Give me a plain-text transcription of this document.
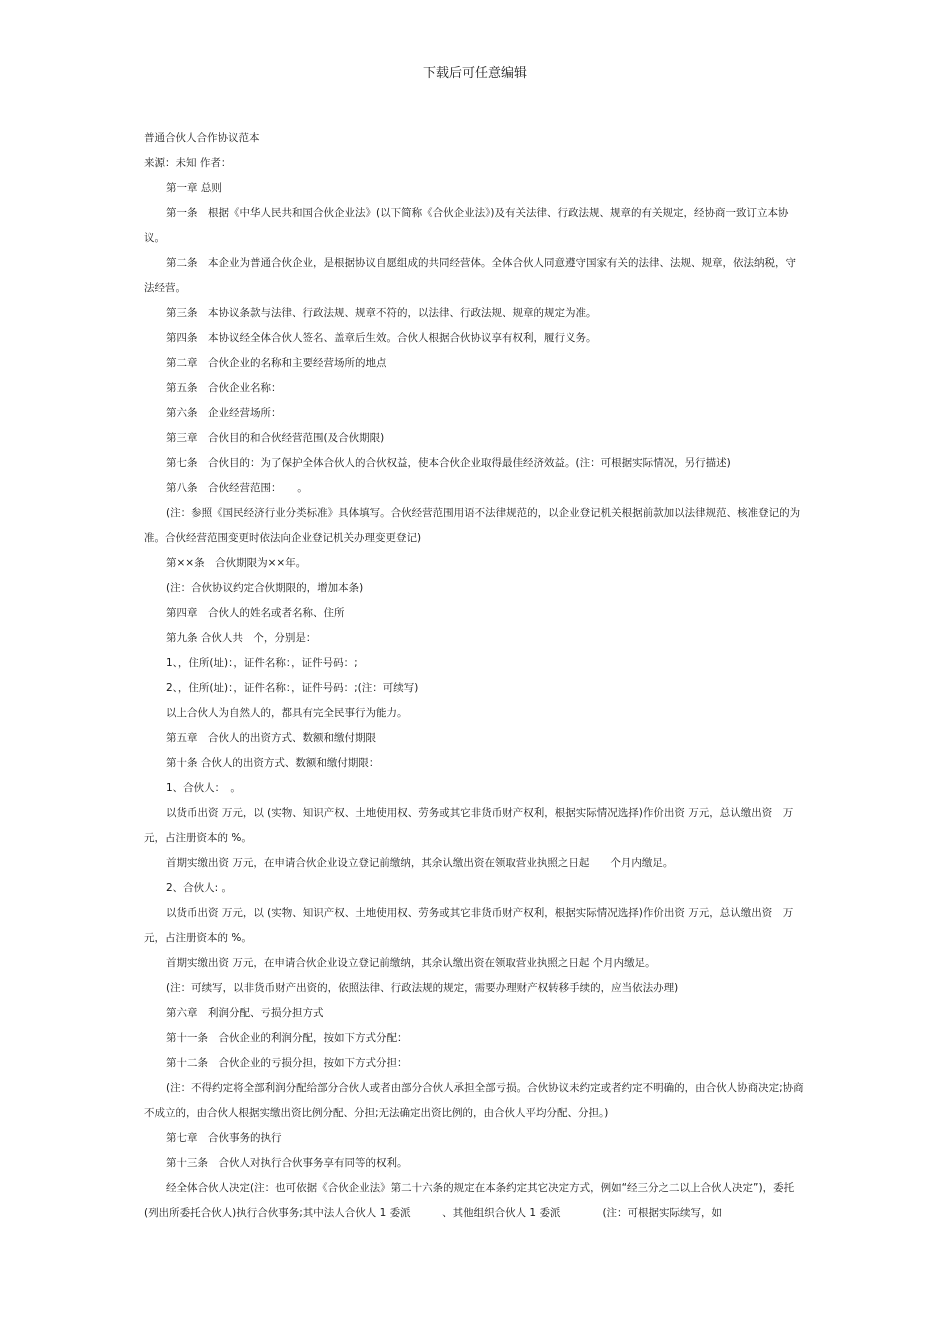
下载后可任意编辑

普通合伙人合作协议范本

来源：未知 作者：

第一章 总则

第一条　根据《中华人民共和国合伙企业法》(以下简称《合伙企业法》)及有关法律、行政法规、规章的有关规定，经协商一致订立本协议。

第二条　本企业为普通合伙企业，是根据协议自愿组成的共同经营体。全体合伙人同意遵守国家有关的法律、法规、规章，依法纳税，守法经营。

第三条　本协议条款与法律、行政法规、规章不符的，以法律、行政法规、规章的规定为准。

第四条　本协议经全体合伙人签名、盖章后生效。合伙人根据合伙协议享有权利，履行义务。

第二章　合伙企业的名称和主要经营场所的地点

第五条　合伙企业名称：

第六条　企业经营场所：

第三章　合伙目的和合伙经营范围(及合伙期限)

第七条　合伙目的：为了保护全体合伙人的合伙权益，使本合伙企业取得最佳经济效益。(注：可根据实际情况，另行描述)

第八条　合伙经营范围：　　。

(注：参照《国民经济行业分类标准》具体填写。合伙经营范围用语不法律规范的，以企业登记机关根据前款加以法律规范、核准登记的为准。合伙经营范围变更时依法向企业登记机关办理变更登记)

第××条　合伙期限为××年。

(注：合伙协议约定合伙期限的，增加本条)

第四章　合伙人的姓名或者名称、住所

第九条 合伙人共　个，分别是：

1、，住所(址)：，证件名称：，证件号码：;

2、，住所(址)：，证件名称：，证件号码：;(注：可续写)

以上合伙人为自然人的，都具有完全民事行为能力。

第五章　合伙人的出资方式、数额和缴付期限

第十条 合伙人的出资方式、数额和缴付期限：

1、合伙人：　。

以货币出资 万元，以 (实物、知识产权、土地使用权、劳务或其它非货币财产权利，根据实际情况选择)作价出资 万元，总认缴出资　万元，占注册资本的 %。

首期实缴出资 万元，在申请合伙企业设立登记前缴纳，其余认缴出资在领取营业执照之日起　　个月内缴足。

2、合伙人: 。

以货币出资 万元，以 (实物、知识产权、土地使用权、劳务或其它非货币财产权利，根据实际情况选择)作价出资 万元，总认缴出资　万元，占注册资本的 %。

首期实缴出资 万元，在申请合伙企业设立登记前缴纳，其余认缴出资在领取营业执照之日起 个月内缴足。

(注：可续写，以非货币财产出资的，依照法律、行政法规的规定，需要办理财产权转移手续的，应当依法办理)

第六章　利润分配、亏损分担方式

第十一条　合伙企业的利润分配，按如下方式分配：

第十二条　合伙企业的亏损分担，按如下方式分担：

(注：不得约定将全部利润分配给部分合伙人或者由部分合伙人承担全部亏损。合伙协议未约定或者约定不明确的，由合伙人协商决定;协商不成立的，由合伙人根据实缴出资比例分配、分担;无法确定出资比例的，由合伙人平均分配、分担。)

第七章　合伙事务的执行

第十三条　合伙人对执行合伙事务享有同等的权利。

经全体合伙人决定(注：也可依据《合伙企业法》第二十六条的规定在本条约定其它决定方式，例如“经三分之二以上合伙人决定”)，委托(列出所委托合伙人)执行合伙事务;其中法人合伙人 1 委派　　　、其他组织合伙人 1 委派　　　　(注：可根据实际续写，如
